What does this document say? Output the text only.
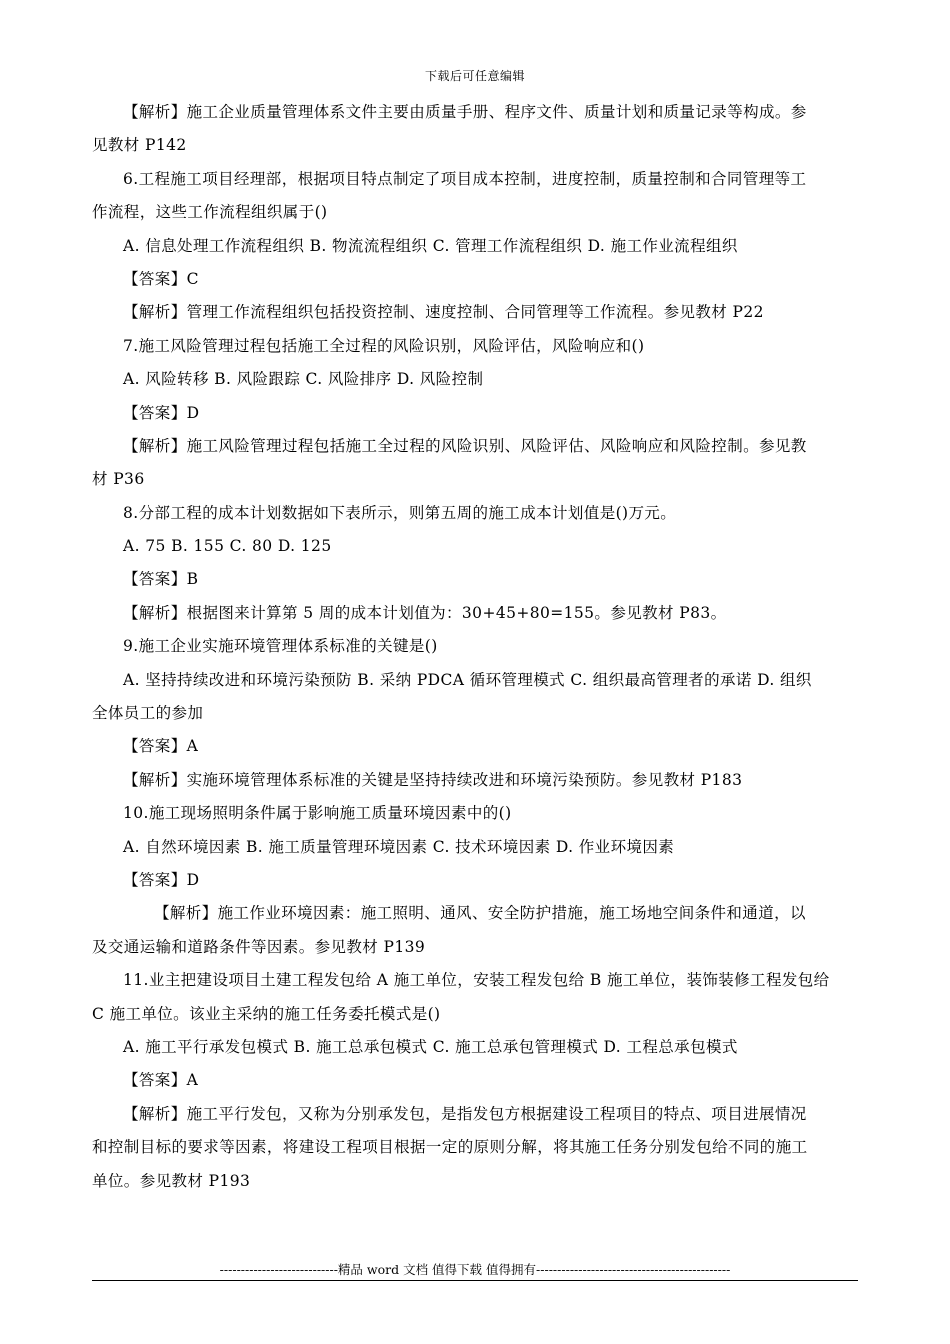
下载后可任意编辑
【解析】施工企业质量管理体系文件主要由质量手册、程序文件、质量计划和质量记录等构成。参
见教材 P142
6.工程施工项目经理部，根据项目特点制定了项目成本控制，进度控制，质量控制和合同管理等工
作流程，这些工作流程组织属于()
A. 信息处理工作流程组织 B. 物流流程组织 C. 管理工作流程组织 D. 施工作业流程组织
【答案】C
【解析】管理工作流程组织包括投资控制、速度控制、合同管理等工作流程。参见教材 P22
7.施工风险管理过程包括施工全过程的风险识别，风险评估，风险响应和()
A. 风险转移 B. 风险跟踪 C. 风险排序 D. 风险控制
【答案】D
【解析】施工风险管理过程包括施工全过程的风险识别、风险评估、风险响应和风险控制。参见教
材 P36
8.分部工程的成本计划数据如下表所示，则第五周的施工成本计划值是()万元。
A. 75 B. 155 C. 80 D. 125
【答案】B
【解析】根据图来计算第 5 周的成本计划值为：30+45+80=155。参见教材 P83。
9.施工企业实施环境管理体系标准的关键是()
A. 坚持持续改进和环境污染预防 B. 采纳 PDCA 循环管理模式 C. 组织最高管理者的承诺 D. 组织
全体员工的参加
【答案】A
【解析】实施环境管理体系标准的关键是坚持持续改进和环境污染预防。参见教材 P183
10.施工现场照明条件属于影响施工质量环境因素中的()
A. 自然环境因素 B. 施工质量管理环境因素 C. 技术环境因素 D. 作业环境因素
【答案】D
【解析】施工作业环境因素：施工照明、通风、安全防护措施，施工场地空间条件和通道，以
及交通运输和道路条件等因素。参见教材 P139
11.业主把建设项目土建工程发包给 A 施工单位，安装工程发包给 B 施工单位，装饰装修工程发包给
C 施工单位。该业主采纳的施工任务委托模式是()
A. 施工平行承发包模式 B. 施工总承包模式 C. 施工总承包管理模式 D. 工程总承包模式
【答案】A
【解析】施工平行发包，又称为分别承发包，是指发包方根据建设工程项目的特点、项目进展情况
和控制目标的要求等因素，将建设工程项目根据一定的原则分解，将其施工任务分别发包给不同的施工
单位。参见教材 P193
----------------------------精品 word 文档 值得下载 值得拥有----------------------------------------------
